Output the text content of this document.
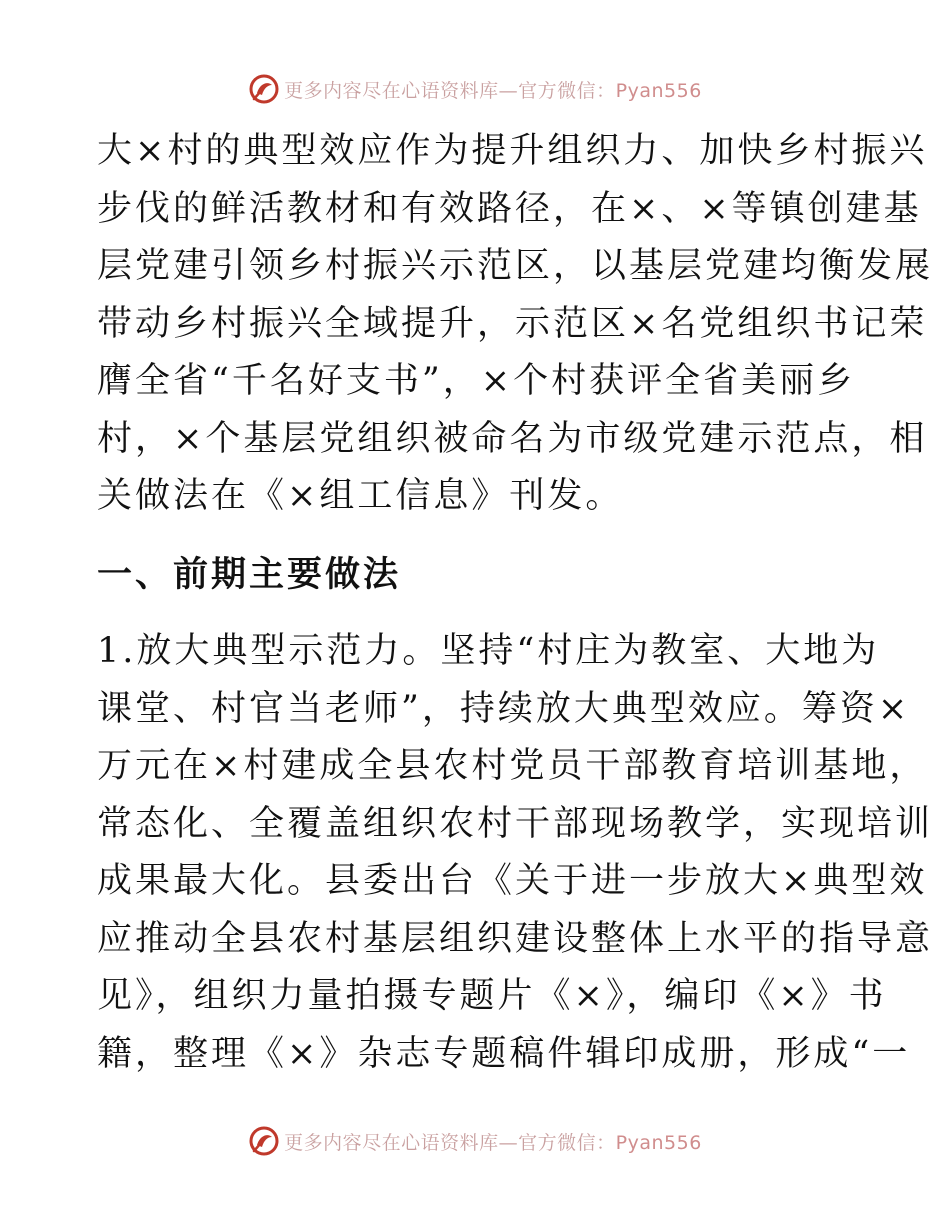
更多内容尽在心语资料库—官方微信：Pyan556

大×村的典型效应作为提升组织力、加快乡村振兴
步伐的鲜活教材和有效路径，在×、×等镇创建基
层党建引领乡村振兴示范区，以基层党建均衡发展
带动乡村振兴全域提升，示范区×名党组织书记荣
膺全省“千名好支书”，×个村获评全省美丽乡
村，×个基层党组织被命名为市级党建示范点，相
关做法在《×组工信息》刊发。

一、前期主要做法

1.放大典型示范力。坚持“村庄为教室、大地为
课堂、村官当老师”，持续放大典型效应。筹资×
万元在×村建成全县农村党员干部教育培训基地，
常态化、全覆盖组织农村干部现场教学，实现培训
成果最大化。县委出台《关于进一步放大×典型效
应推动全县农村基层组织建设整体上水平的指导意
见》，组织力量拍摄专题片《×》，编印《×》书
籍，整理《×》杂志专题稿件辑印成册，形成“一

更多内容尽在心语资料库—官方微信：Pyan556
